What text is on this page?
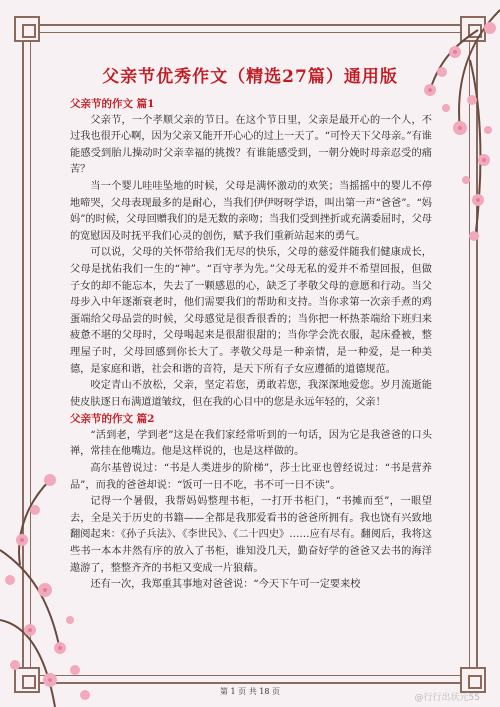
父亲节优秀作文（精选27篇）通用版

父亲节的作文 篇1

父亲节，一个孝顺父亲的节日。在这个节日里，父亲是最开心的一个人，不过我也很开心啊，因为父亲又能开开心心的过上一天了。“可怜天下父母亲。”有谁能感受到胎儿操动时父亲幸福的挑拨？有谁能感受到，一朝分娩时母亲忍受的痛苦？

当一个婴儿哇哇坠地的时候，父母是满怀激动的欢笑；当摇摇中的婴儿不停地啼哭，父母表现最多的是耐心，当我们伊伊呀呀学语，叫出第一声“爸爸”。“妈妈”的时候，父母回赠我们的是无数的亲吻；当我们受到挫折或充满委屈时，父母的宽慰因及时抚平我们心灵的创伤，赋予我们重新站起来的勇气。

可以说，父母的关怀带给我们无尽的快乐，父母的慈爱伴随我们健康成长，父母是扰佑我们一生的“神”。“百守孝为先。”父母无私的爱并不希望回报，但做子女的却不能忘本，失去了一颗感恩的心，缺乏了孝敬父母的意愿和行动。当父母步入中年逐渐衰老时，他们需要我们的帮助和支持。当你求第一次亲手煮的鸡蛋端给父母品尝的时候，父母感觉是很香很香的；当你把一杯热茶端给下班归来疲惫不堪的父母时，父母喝起来是很甜很甜的；当你学会洗衣服，起床叠被，整理屋子时，父母回感到你长大了。孝敬父母是一种亲情，是一种爱，是一种美德，是家庭和谐，社会和谐的音符，是天下所有子女应遵循的道德规范。

咬定青山不放松，父亲，坚定若您，勇敢若您，我深深地爱您。岁月流逝能使皮肤逐日布满道道皱纹，但在我的心目中的您是永远年轻的，父亲！

父亲节的作文 篇2

“活到老，学到老”这是在我们家经常听到的一句话，因为它是我爸爸的口头禅，常挂在他嘴边。他是这样说的，也是这样做的。

高尔基曾说过：“书是人类进步的阶梯”，莎士比亚也曾经说过：“书是营养品”，而我的爸爸却说：“饭可一日不吃，书不可一日不读”。

记得一个暑假，我帮妈妈整理书柜，一打开书柜门，“书摊而至”，一眼望去，全是关于历史的书籍——全都是我那爱看书的爸爸所拥有。我也饶有兴致地翻阅起来：《孙子兵法》、《李世民》、《二十四史》……应有尽有。翻阅后，我将这些书一本本井然有序的放入了书柜，谁知没几天，勤奋好学的爸爸又去书的海洋遨游了，整整齐齐的书柜又变成一片狼藉。

还有一次，我郑重其事地对爸爸说：“今天下午可一定要来校

第 1 页 共 18 页
@行行出状元55
